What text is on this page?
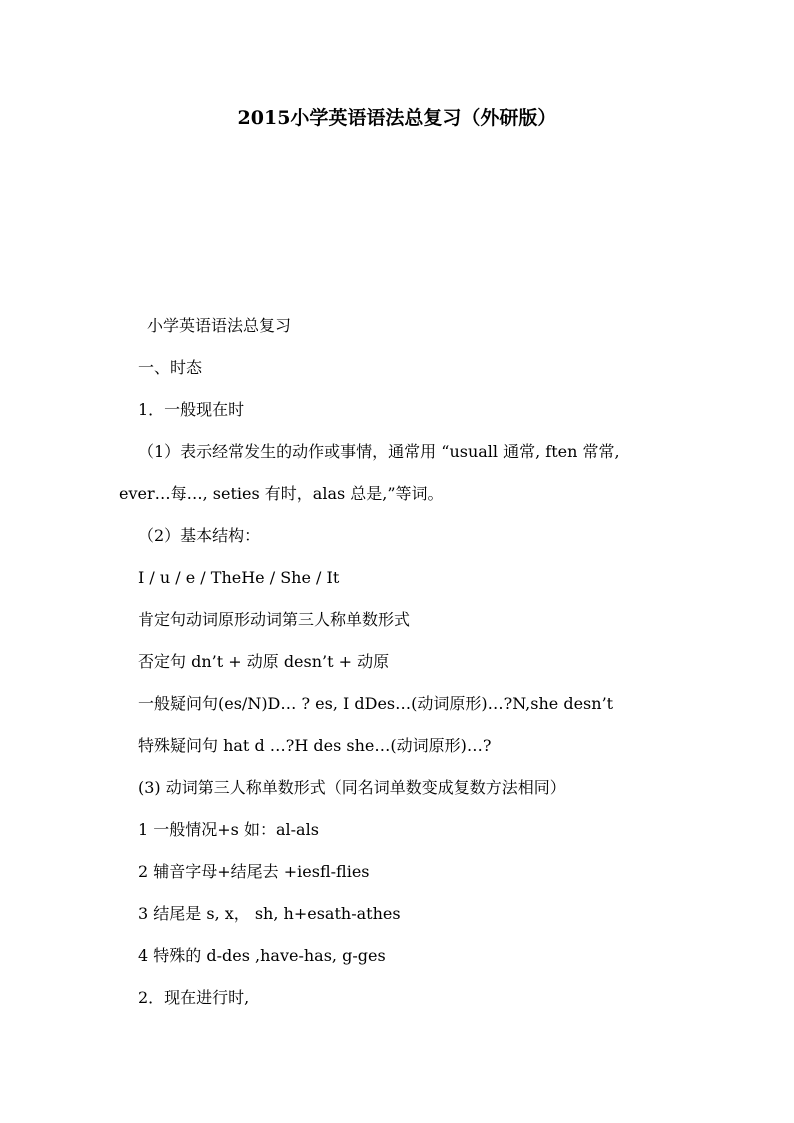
2015小学英语语法总复习（外研版）
小学英语语法总复习
一、时态
1．一般现在时
（1）表示经常发生的动作或事情，通常用 “usuall 通常, ften 常常,
ever…每…, seties 有时，alas 总是,”等词。
（2）基本结构：
I / u / e / TheHe / She / It
肯定句动词原形动词第三人称单数形式
否定句 dn’t + 动原 desn’t + 动原
一般疑问句(es/N)D… ? es, I dDes…(动词原形)…?N,she desn’t
特殊疑问句 hat d …?H des she…(动词原形)…?
(3) 动词第三人称单数形式（同名词单数变成复数方法相同）
1 一般情况+s 如：al-als
2 辅音字母+结尾去 +iesfl-flies
3 结尾是 s, x， sh, h+esath-athes
4 特殊的 d-des ,have-has, g-ges
2．现在进行时,
